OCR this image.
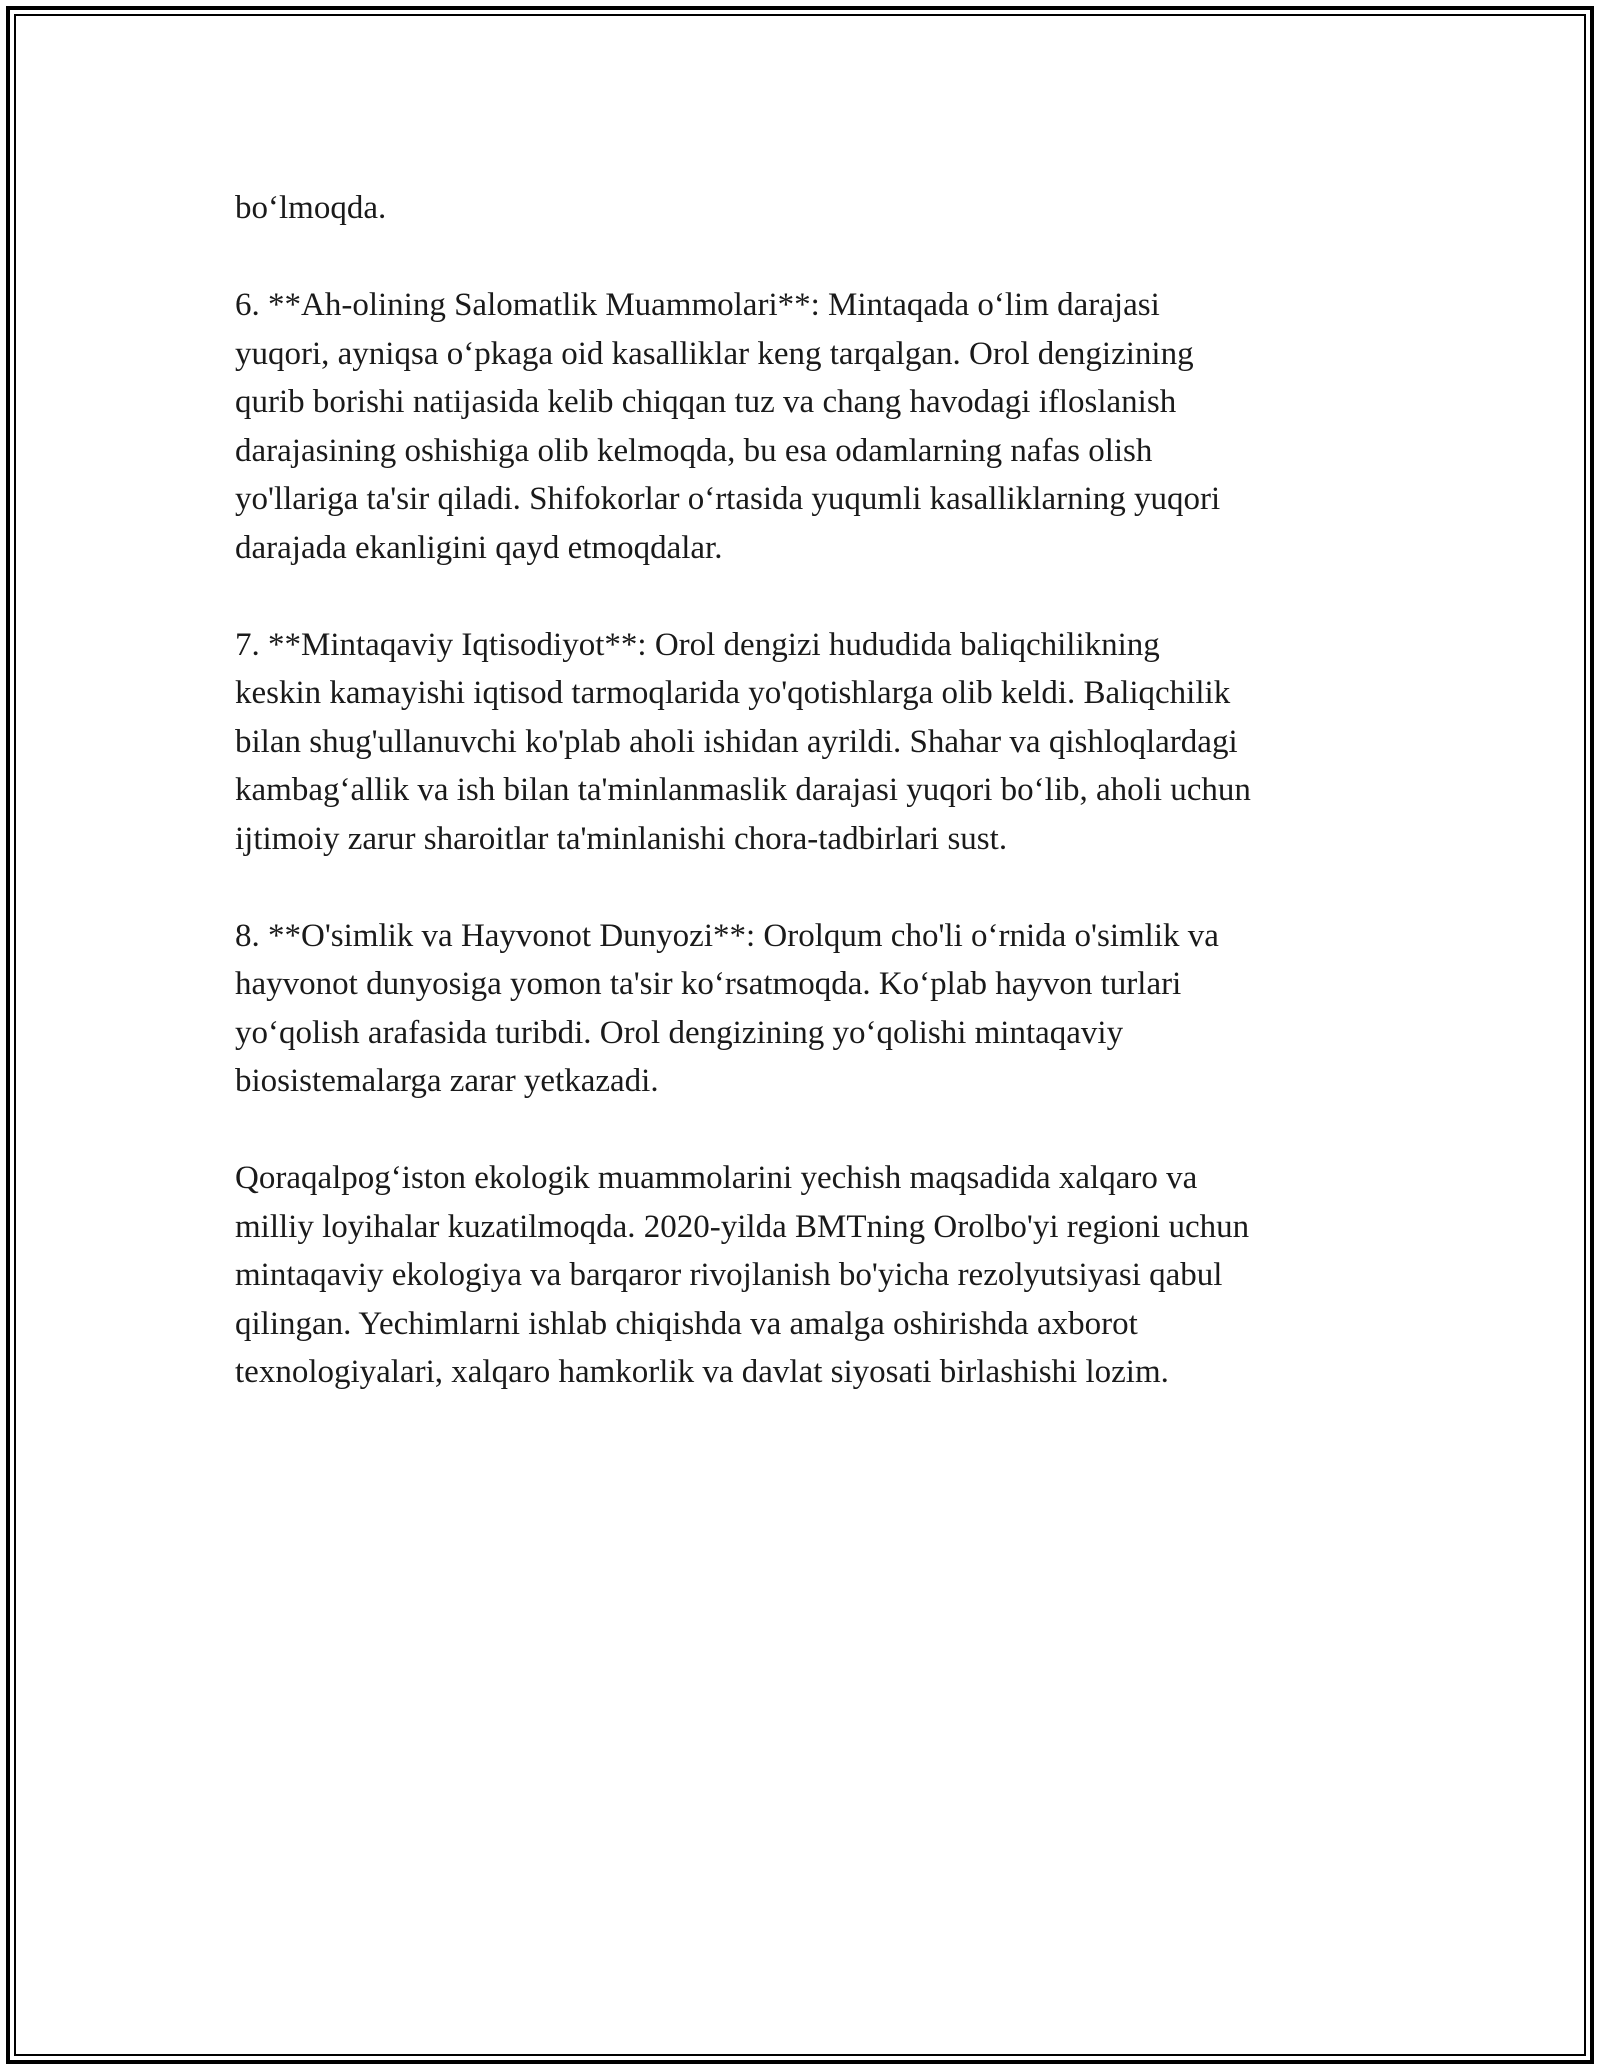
bo‘lmoqda.

6. **Ah-olining Salomatlik Muammolari**: Mintaqada o‘lim darajasi
yuqori, ayniqsa o‘pkaga oid kasalliklar keng tarqalgan. Orol dengizining
qurib borishi natijasida kelib chiqqan tuz va chang havodagi ifloslanish
darajasining oshishiga olib kelmoqda, bu esa odamlarning nafas olish
yo'llariga ta'sir qiladi. Shifokorlar o‘rtasida yuqumli kasalliklarning yuqori
darajada ekanligini qayd etmoqdalar.

7. **Mintaqaviy Iqtisodiyot**: Orol dengizi hududida baliqchilikning
keskin kamayishi iqtisod tarmoqlarida yo'qotishlarga olib keldi. Baliqchilik
bilan shug'ullanuvchi ko'plab aholi ishidan ayrildi. Shahar va qishloqlardagi
kambag‘allik va ish bilan ta'minlanmaslik darajasi yuqori bo‘lib, aholi uchun
ijtimoiy zarur sharoitlar ta'minlanishi chora-tadbirlari sust.

8. **O'simlik va Hayvonot Dunyozi**: Orolqum cho'li o‘rnida o'simlik va
hayvonot dunyosiga yomon ta'sir ko‘rsatmoqda. Ko‘plab hayvon turlari
yo‘qolish arafasida turibdi. Orol dengizining yo‘qolishi mintaqaviy
biosistemalarga zarar yetkazadi.

Qoraqalpog‘iston ekologik muammolarini yechish maqsadida xalqaro va
milliy loyihalar kuzatilmoqda. 2020-yilda BMTning Orolbo'yi regioni uchun
mintaqaviy ekologiya va barqaror rivojlanish bo'yicha rezolyutsiyasi qabul
qilingan. Yechimlarni ishlab chiqishda va amalga oshirishda axborot
texnologiyalari, xalqaro hamkorlik va davlat siyosati birlashishi lozim.
